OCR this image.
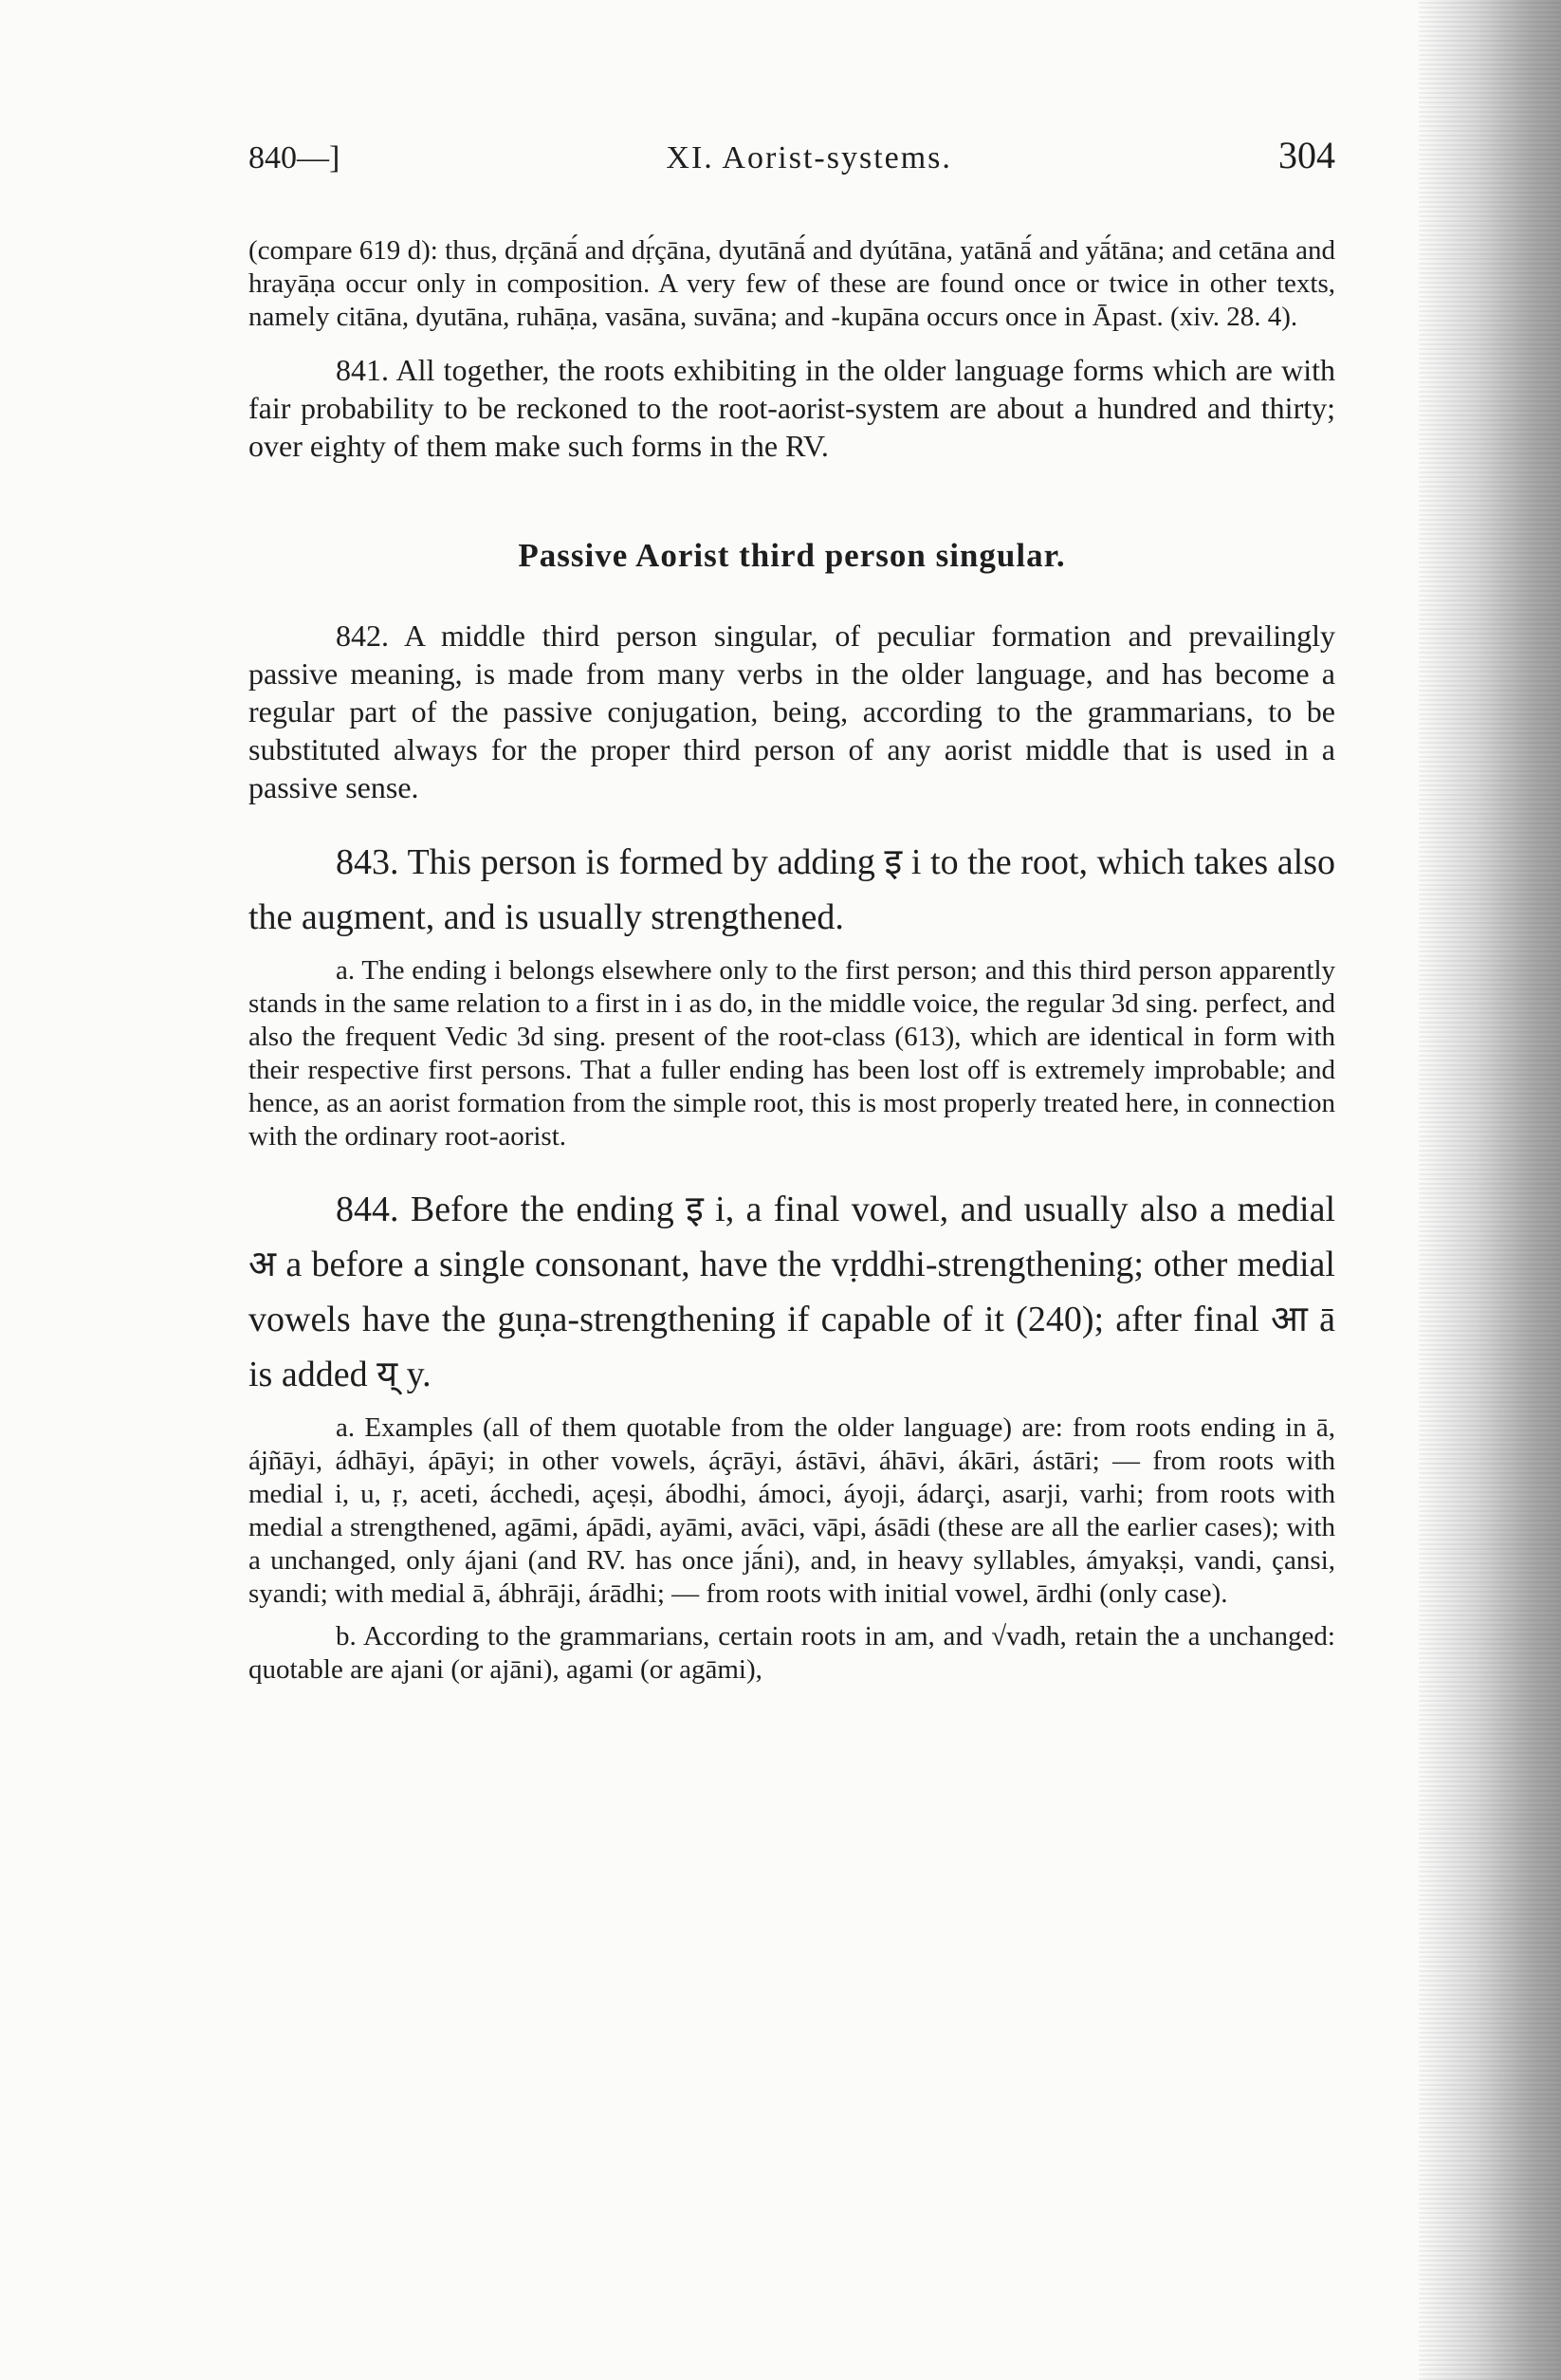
840—]	XI. Aorist-systems.	304

(compare 619 d): thus, dṛçānā́ and dṛ́çāna, dyutānā́ and dyútāna, yatānā́ and yā́tāna; and cetāna and hrayāṇa occur only in composition. A very few of these are found once or twice in other texts, namely citāna, dyutāna, ruhāṇa, vasāna, suvāna; and -kupāna occurs once in Āpast. (xiv. 28. 4).

841. All together, the roots exhibiting in the older language forms which are with fair probability to be reckoned to the root-aorist-system are about a hundred and thirty; over eighty of them make such forms in the RV.

Passive Aorist third person singular.

842. A middle third person singular, of peculiar formation and prevailingly passive meaning, is made from many verbs in the older language, and has become a regular part of the passive conjugation, being, according to the grammarians, to be substituted always for the proper third person of any aorist middle that is used in a passive sense.

843. This person is formed by adding इ i to the root, which takes also the augment, and is usually strengthened.

a. The ending i belongs elsewhere only to the first person; and this third person apparently stands in the same relation to a first in i as do, in the middle voice, the regular 3d sing. perfect, and also the frequent Vedic 3d sing. present of the root-class (613), which are identical in form with their respective first persons. That a fuller ending has been lost off is extremely improbable; and hence, as an aorist formation from the simple root, this is most properly treated here, in connection with the ordinary root-aorist.

844. Before the ending इ i, a final vowel, and usually also a medial अ a before a single consonant, have the vṛddhi-strengthening; other medial vowels have the guṇa-strengthening if capable of it (240); after final आ ā is added य् y.

a. Examples (all of them quotable from the older language) are: from roots ending in ā, ájñāyi, ádhāyi, ápāyi; in other vowels, áçrāyi, ástāvi, áhāvi, ákāri, ástāri; — from roots with medial i, u, ṛ, aceti, ácchedi, açeṣi, ábodhi, ámoci, áyoji, ádarçi, asarji, varhi; from roots with medial a strengthened, agāmi, ápādi, ayāmi, avāci, vāpi, ásādi (these are all the earlier cases); with a unchanged, only ájani (and RV. has once jā́ni), and, in heavy syllables, ámyakṣi, vandi, çansi, syandi; with medial ā, ábhrāji, árādhi; — from roots with initial vowel, ārdhi (only case).

b. According to the grammarians, certain roots in am, and √vadh, retain the a unchanged: quotable are ajani (or ajāni), agami (or agāmi),
